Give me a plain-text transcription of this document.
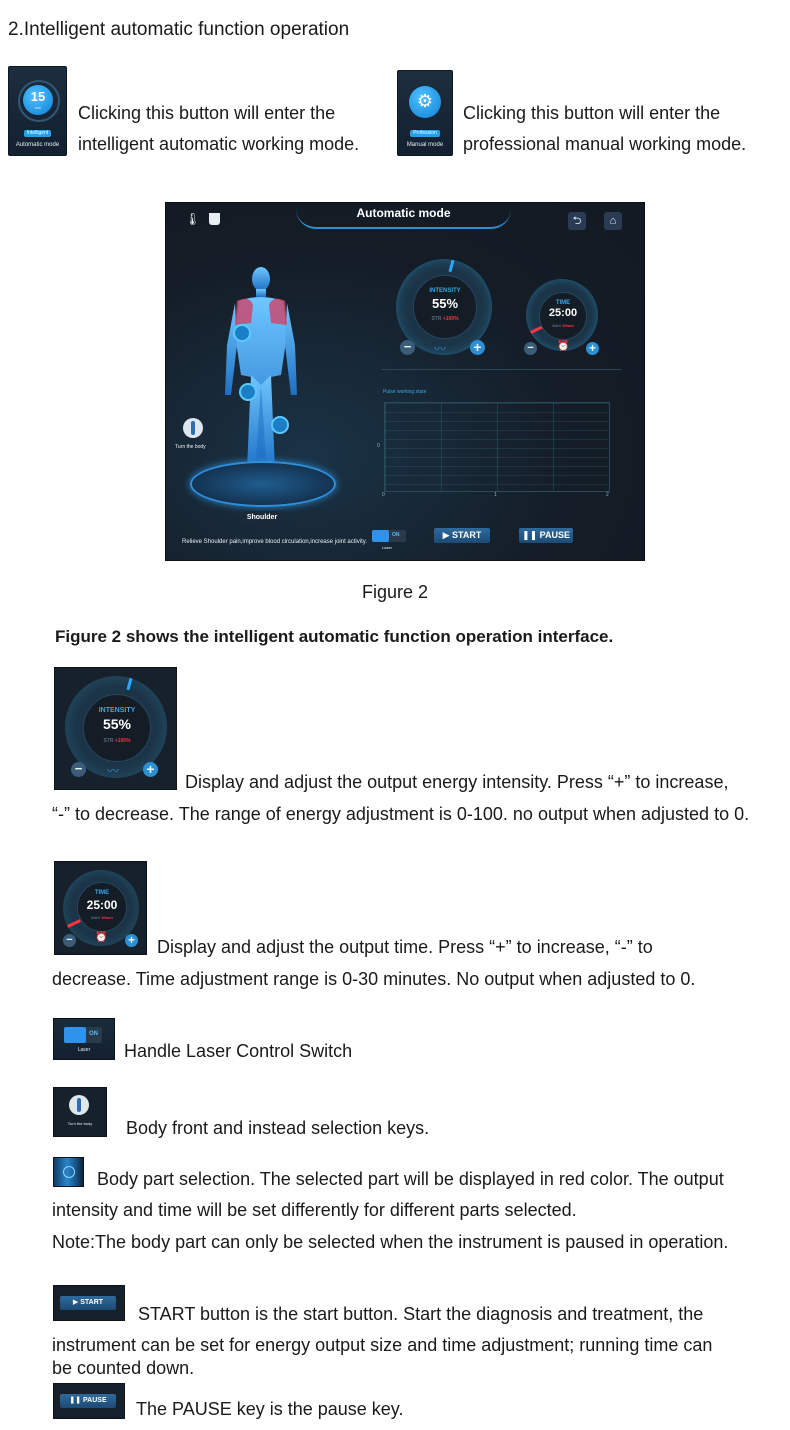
2.Intelligent automatic function operation
15
min
Intelligent
Automatic mode
Clicking this button will enter the
intelligent automatic working mode.
⚙
Profession
Manual mode
Clicking this button will enter the
professional manual working mode.
🌡	Automatic mode
⮌	⌂
Shoulder
Turn the body
Relieve Shoulder pain,improve blood circulation,increase joint activity.
INTENSITY
55%
STR +100%
−	〰 +
TIME
25:00
MAX 30min
−	⏰ +
Pulse working state
0
0	1	2
ON
Laser
▶ START	❚❚ PAUSE
Figure 2
Figure 2 shows the intelligent automatic function operation interface.
INTENSITY
55%
STR +100%
−	〰 +
Display and adjust the output energy intensity. Press “+” to increase,
“-” to decrease. The range of energy adjustment is 0-100. no output when adjusted to 0.
TIME
25:00
MAX 30min
−	⏰ + Display and adjust the output time. Press “+” to increase, “-” to
decrease. Time adjustment range is 0-30 minutes. No output when adjusted to 0.
ON
Laser	Handle Laser Control Switch
Turn the body	Body front and instead selection keys.
Body part selection. The selected part will be displayed in red color. The output
intensity and time will be set differently for different parts selected.
Note:The body part can only be selected when the instrument is paused in operation.
▶ START
START button is the start button. Start the diagnosis and treatment, the
instrument can be set for energy output size and time adjustment; running time can
be counted down.
❚❚ PAUSE	The PAUSE key is the pause key.
